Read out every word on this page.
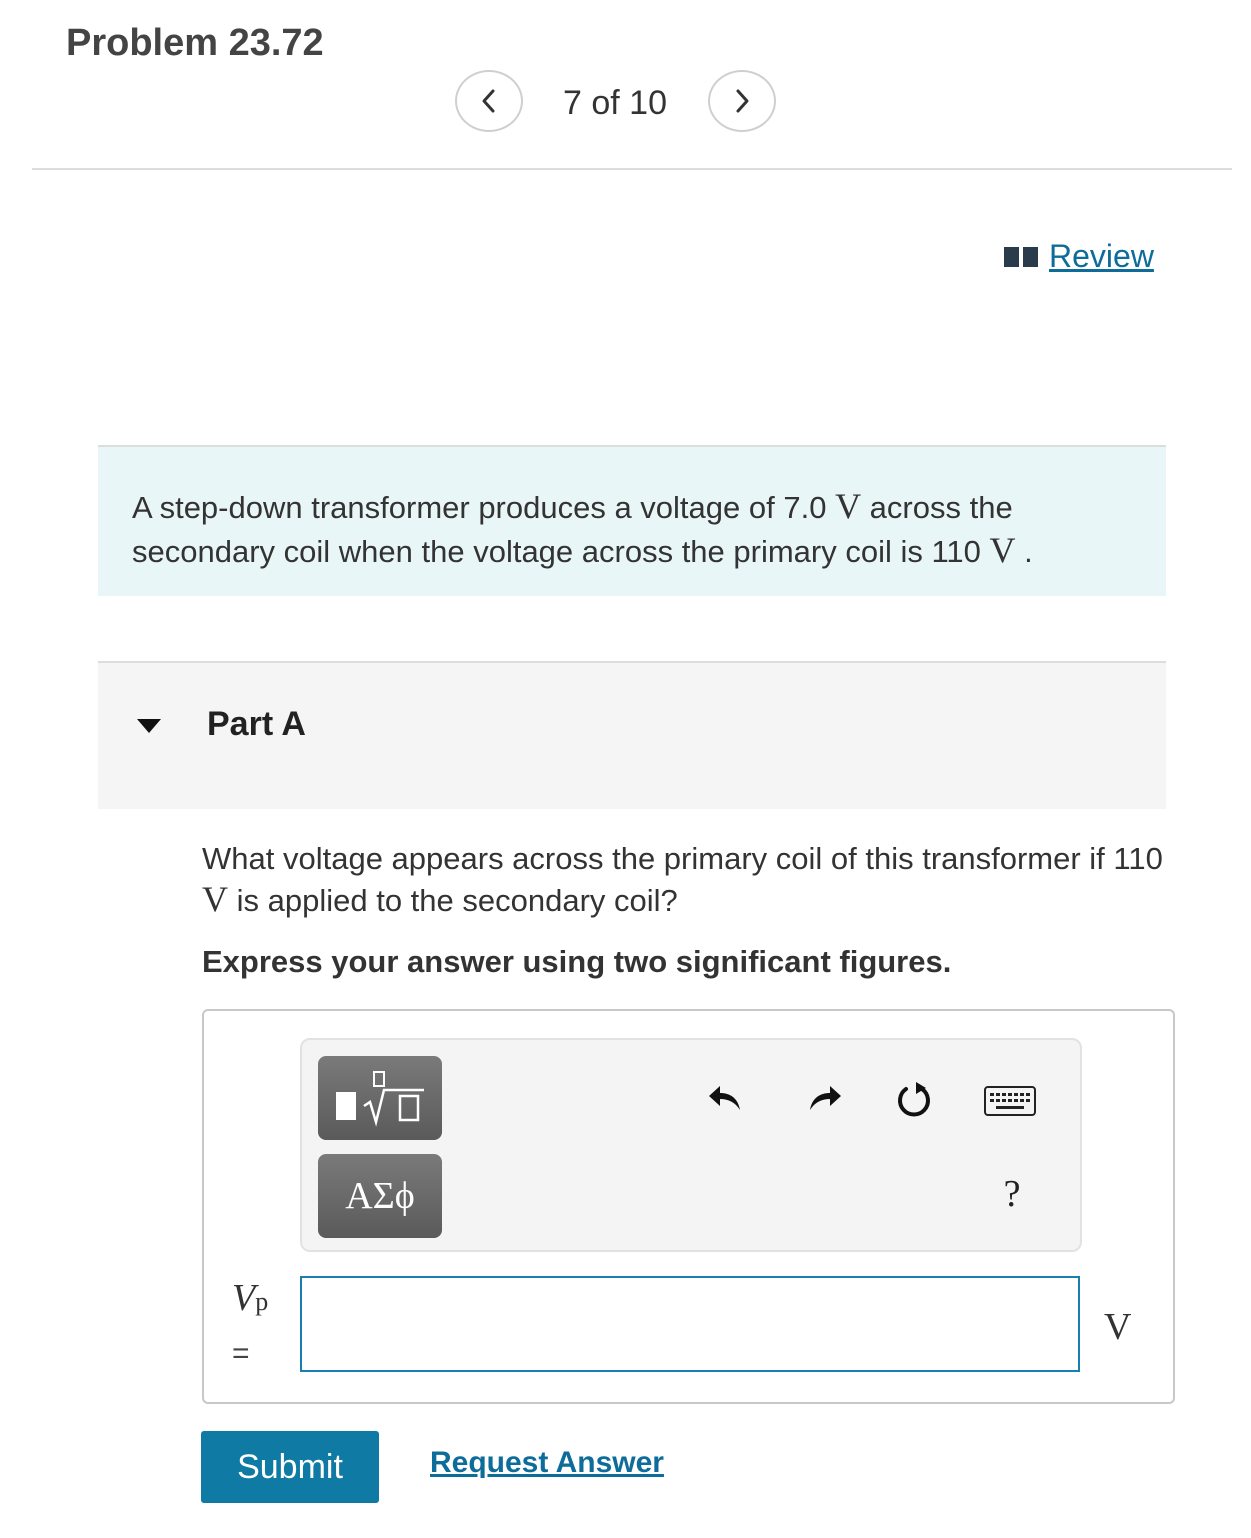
Problem 23.72
7 of 10
Review
A step-down transformer produces a voltage of 7.0 V across the secondary coil when the voltage across the primary coil is 110 V .
Part A
What voltage appears across the primary coil of this transformer if 110 V is applied to the secondary coil?
Express your answer using two significant figures.
ΑΣϕ	?
Vp
=
V
Submit	Request Answer
